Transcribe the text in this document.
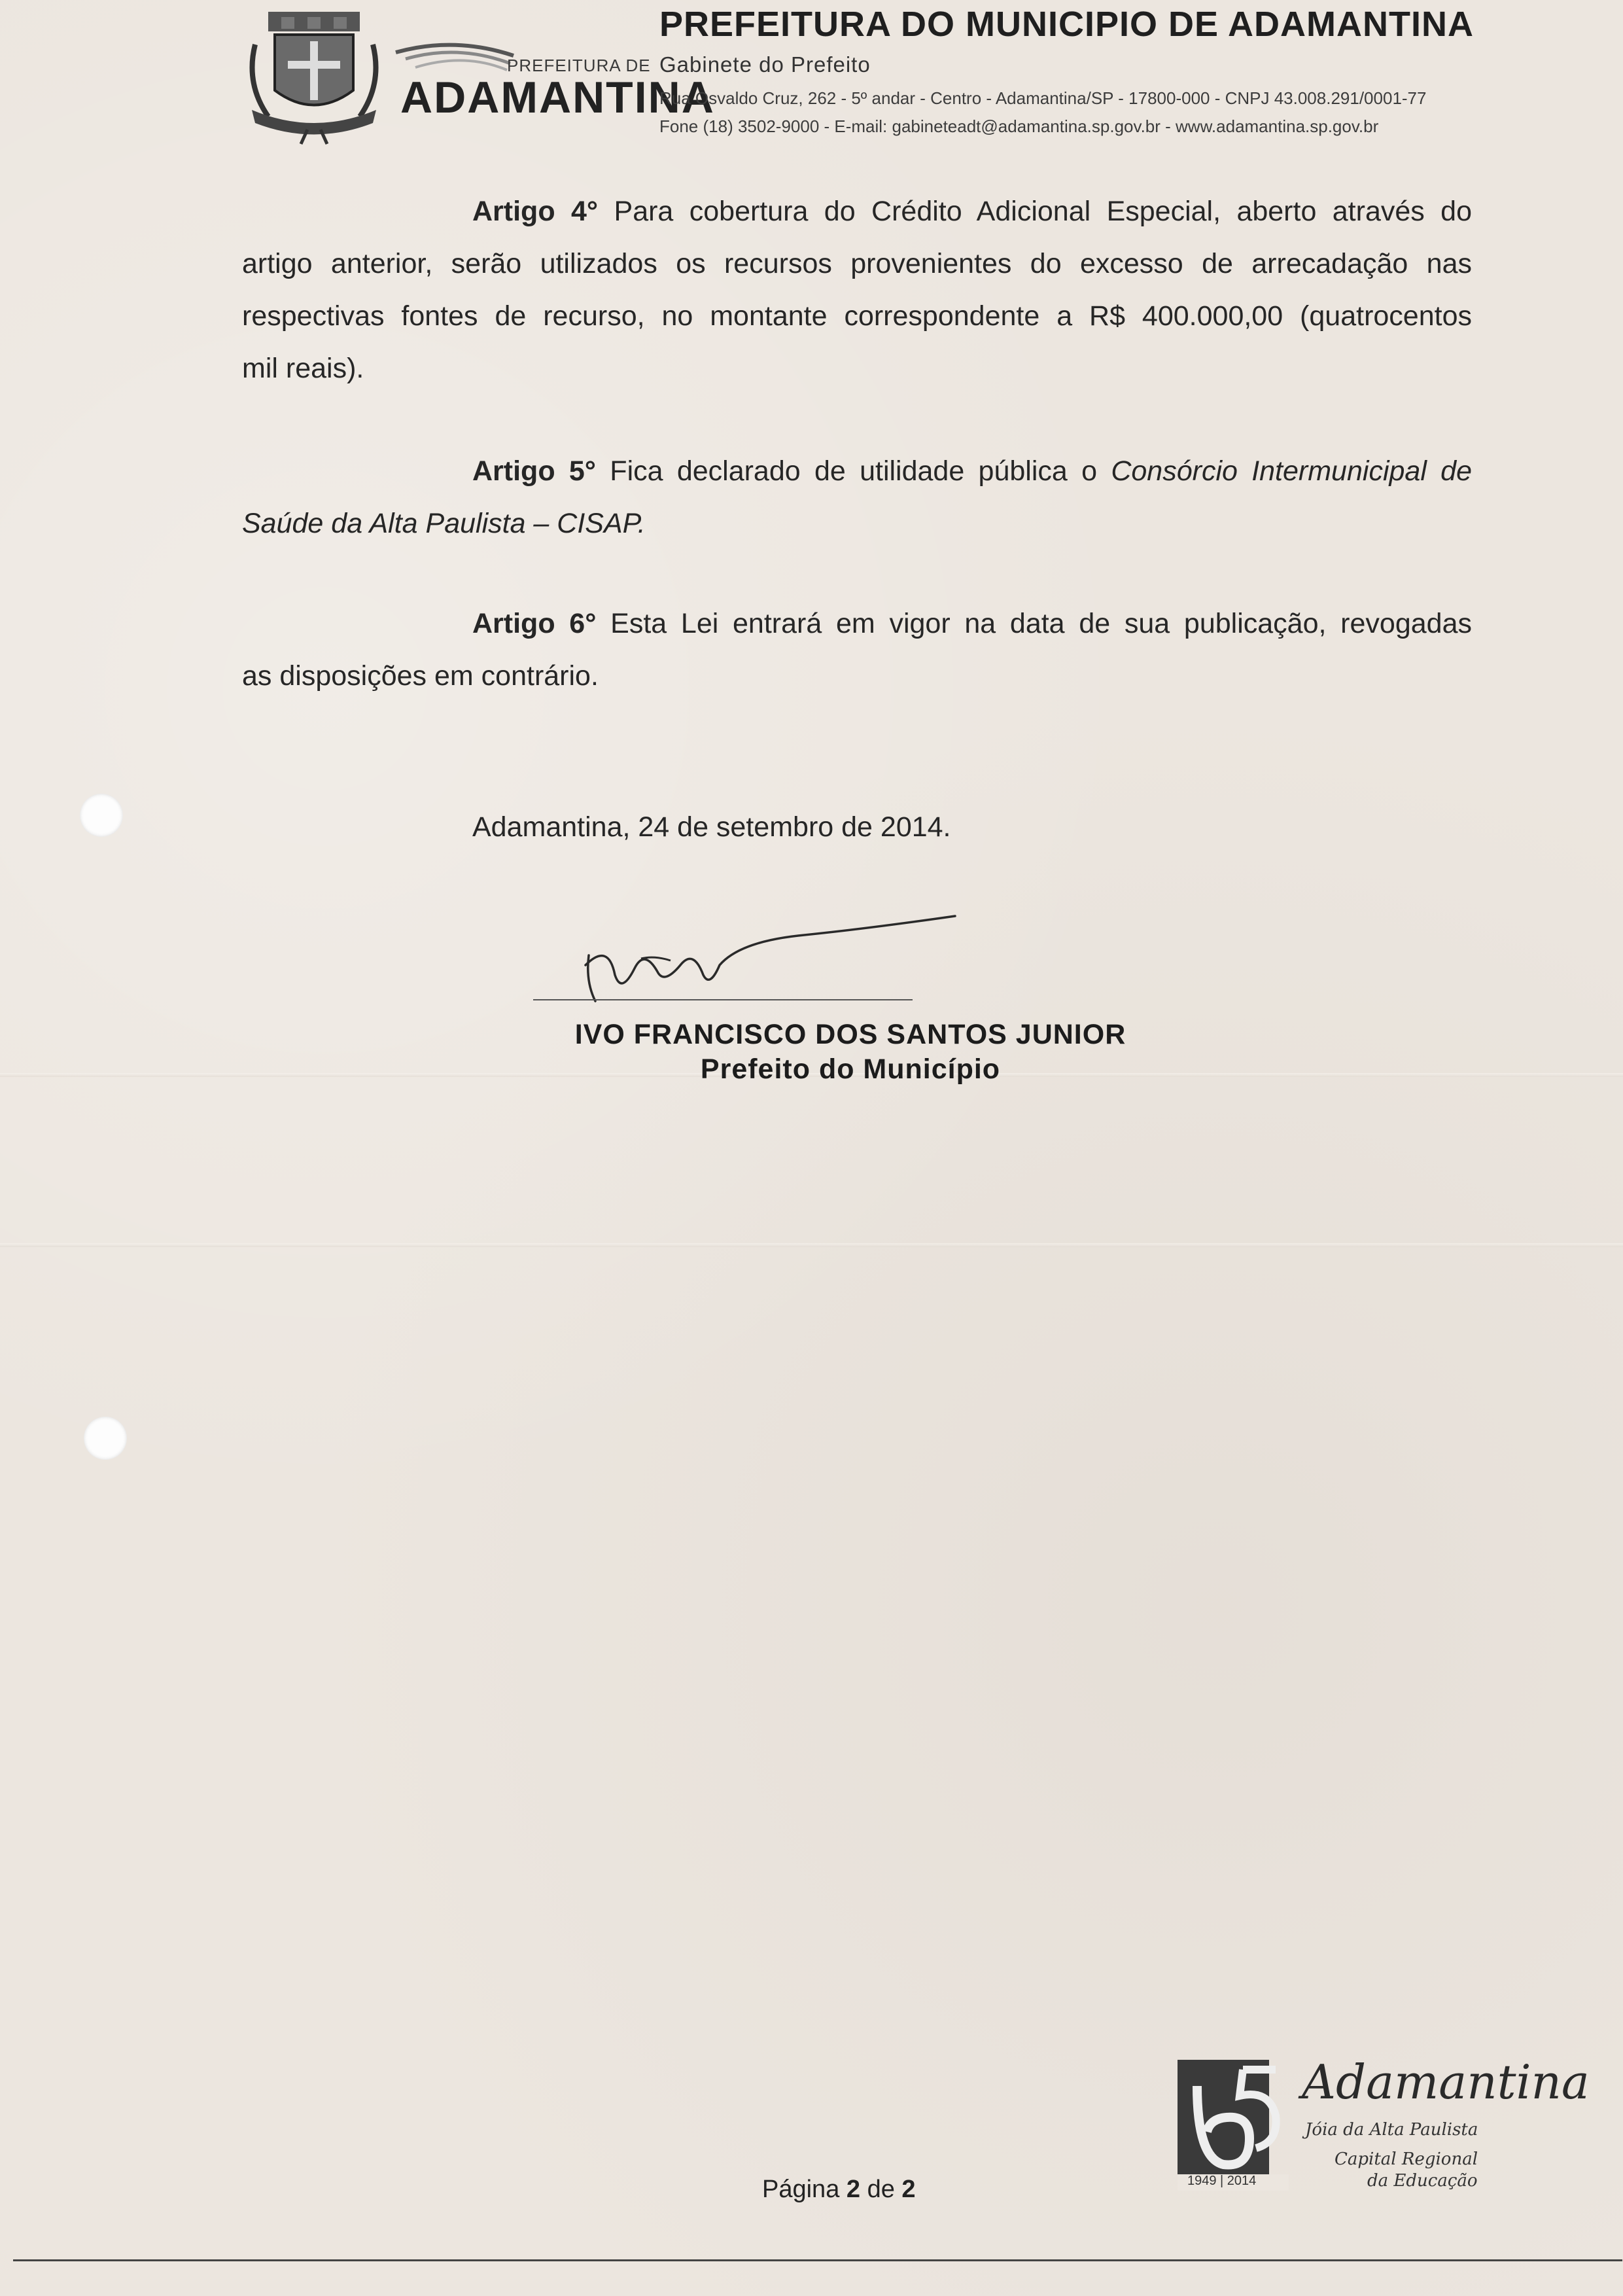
PREFEITURA DE
ADAMANTINA
PREFEITURA DO MUNICIPIO DE ADAMANTINA
Gabinete do Prefeito
Rua Osvaldo Cruz, 262 - 5º andar - Centro - Adamantina/SP - 17800-000 - CNPJ 43.008.291/0001-77
Fone (18) 3502-9000 - E-mail: gabineteadt@adamantina.sp.gov.br - www.adamantina.sp.gov.br
Artigo 4° Para cobertura do Crédito Adicional Especial, aberto através do
artigo anterior, serão utilizados os recursos provenientes do excesso de arrecadação nas
respectivas fontes de recurso, no montante correspondente a R$ 400.000,00 (quatrocentos
mil reais).
Artigo 5° Fica declarado de utilidade pública o Consórcio Intermunicipal de
Saúde da Alta Paulista – CISAP.
Artigo 6° Esta Lei entrará em vigor na data de sua publicação, revogadas
as disposições em contrário.
Adamantina, 24 de setembro de 2014.
IVO FRANCISCO DOS SANTOS JUNIOR
Prefeito do Município
1949 | 2014
Adamantina
Jóia da Alta Paulista
Capital Regional
da Educação
Página 2 de 2
